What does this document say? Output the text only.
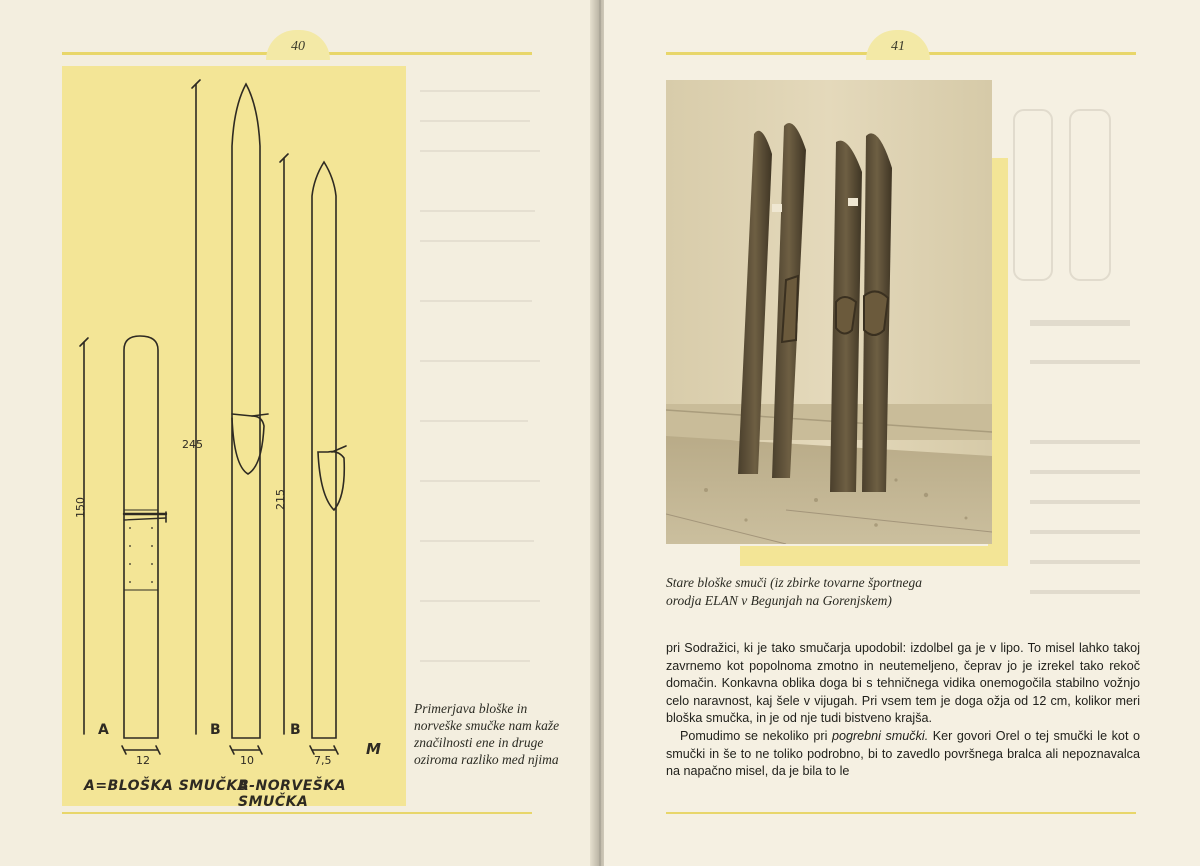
40
150
245
215
A	B	B
12	10	7,5
M
A=BLOŠKA SMUČKA
B-NORVEŠKA SMUČKA
Primerjava bloške in norveške smučke nam kaže značilnosti ene in druge oziroma razliko med njima
41
Stare bloške smuči (iz zbirke tovarne športnega orodja ELAN v Begunjah na Gorenjskem)

pri Sodražici, ki je tako smučarja upodobil: izdolbel ga je v lipo. To misel lahko takoj zavrnemo kot popolnoma zmotno in neutemeljeno, čeprav jo je izrekel tako rekoč domačin. Konkavna oblika doga bi s tehničnega vidika onemogočila stabilno vožnjo celo naravnost, kaj šele v vijugah. Pri vsem tem je doga ožja od 12 cm, kolikor meri bloška smučka, in je od nje tudi bistveno krajša.

Pomudimo se nekoliko pri pogrebni smučki. Ker govori Orel o tej smučki le kot o smučki in še to ne toliko podrobno, bi to zavedlo površnega bralca ali nepoznavalca na napačno misel, da je bila to le
